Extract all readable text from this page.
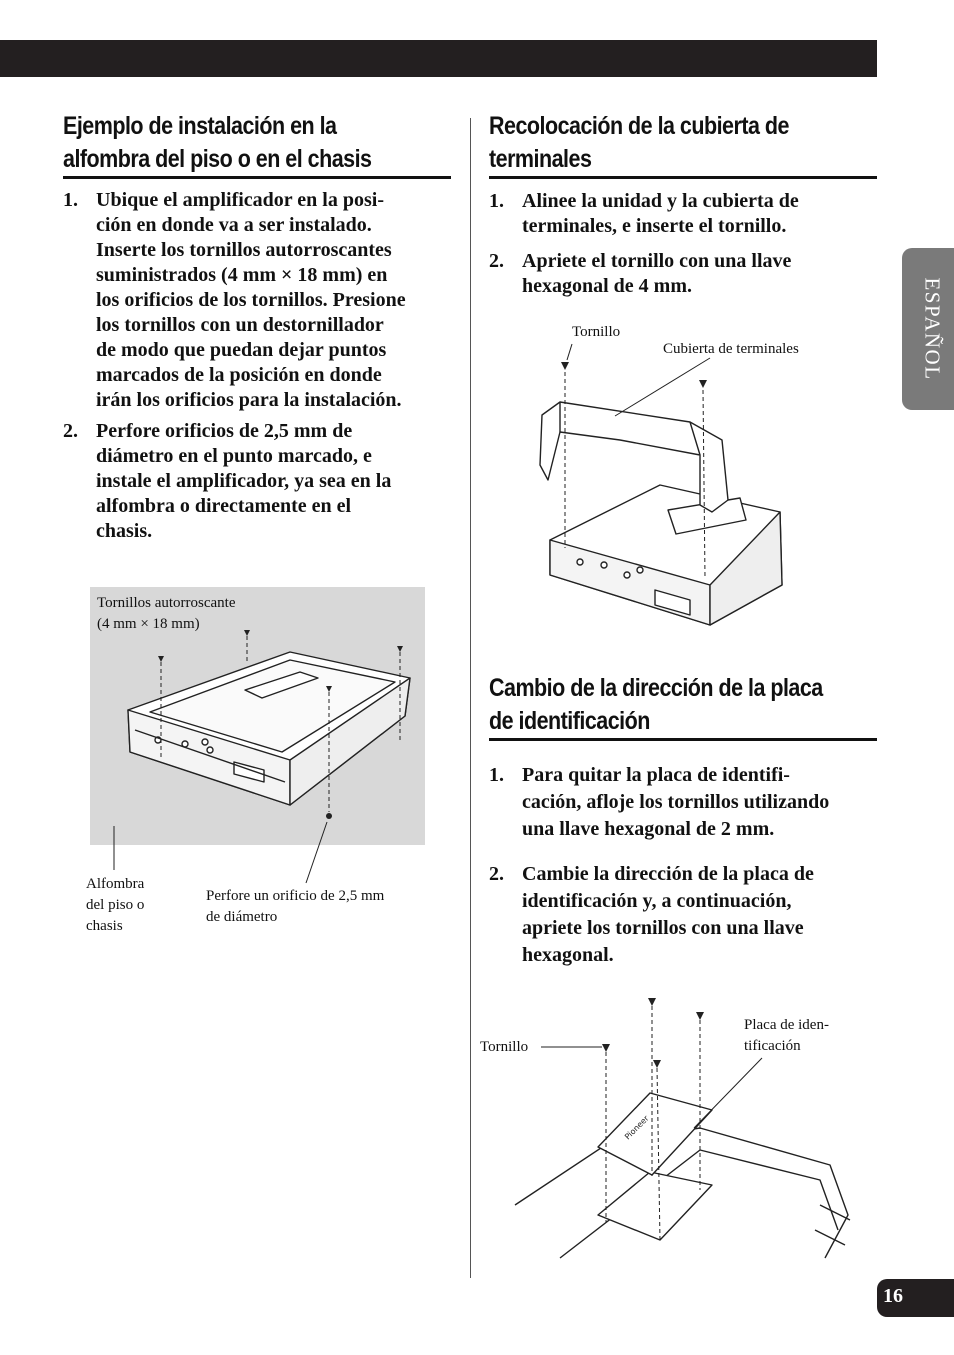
Ejemplo de instalación en la
alfombra del piso o en el chasis
1. Ubique el amplificador en la posi-
ción en donde va a ser instalado.
Inserte los tornillos autorroscantes
suministrados (4 mm × 18 mm) en
los orificios de los tornillos. Presione
los tornillos con un destornillador
de modo que puedan dejar puntos
marcados de la posición en donde
irán los orificios para la instalación.
2. Perfore orificios de 2,5 mm de
diámetro en el punto marcado, e
instale el amplificador, ya sea en la
alfombra o directamente en el
chasis.
Tornillos autorroscante
(4 mm × 18 mm)
Alfombra
del piso o
chasis
Perfore un orificio de 2,5 mm
de diámetro
Recolocación de la cubierta de
terminales
1. Alinee la unidad y la cubierta de
terminales, e inserte el tornillo.
2. Apriete el tornillo con una llave
hexagonal de 4 mm.
Tornillo
Cubierta de terminales
Cambio de la dirección de la placa
de identificación
1. Para quitar la placa de identifi-
cación, afloje los tornillos utilizando
una llave hexagonal de 2 mm.
2. Cambie la dirección de la placa de
identificación y, a continuación,
apriete los tornillos con una llave
hexagonal.
Pioneer
Tornillo
Placa de iden-
tificación
ESPAÑOL
16
